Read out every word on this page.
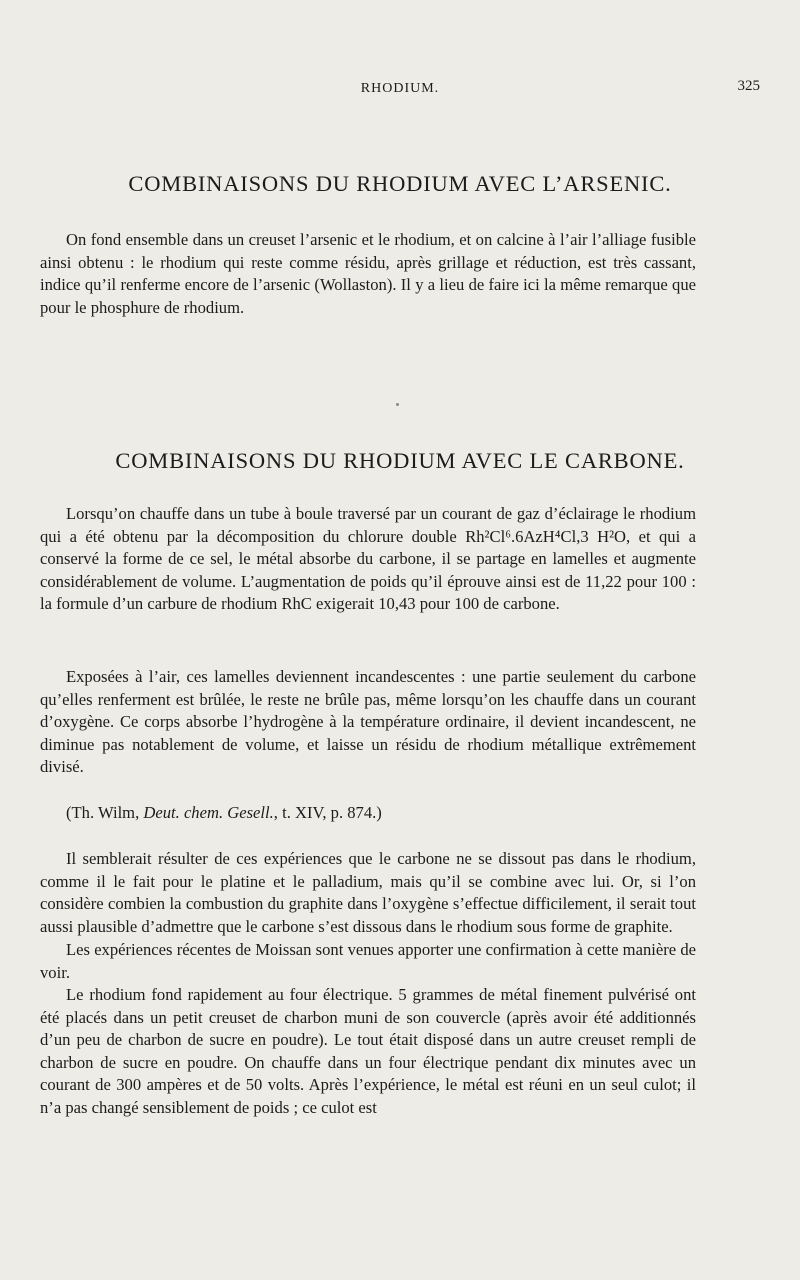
RHODIUM.	325
COMBINAISONS DU RHODIUM AVEC L’ARSENIC.

On fond ensemble dans un creuset l’arsenic et le rhodium, et on calcine à l’air l’alliage fusible ainsi obtenu : le rhodium qui reste comme résidu, après grillage et réduction, est très cassant, indice qu’il renferme encore de l’arsenic (Wollaston). Il y a lieu de faire ici la même remarque que pour le phosphure de rhodium.

COMBINAISONS DU RHODIUM AVEC LE CARBONE.

Lorsqu’on chauffe dans un tube à boule traversé par un courant de gaz d’éclairage le rhodium qui a été obtenu par la décomposition du chlorure double Rh²Cl⁶.6AzH⁴Cl,3 H²O, et qui a conservé la forme de ce sel, le métal absorbe du carbone, il se partage en lamelles et augmente considérablement de volume. L’augmentation de poids qu’il éprouve ainsi est de 11,22 pour 100 : la formule d’un carbure de rhodium RhC exigerait 10,43 pour 100 de carbone.

Exposées à l’air, ces lamelles deviennent incandescentes : une partie seulement du carbone qu’elles renferment est brûlée, le reste ne brûle pas, même lorsqu’on les chauffe dans un courant d’oxygène. Ce corps absorbe l’hydrogène à la température ordinaire, il devient incandescent, ne diminue pas notablement de volume, et laisse un résidu de rhodium métallique extrêmement divisé.

(Th. Wilm, Deut. chem. Gesell., t. XIV, p. 874.)

Il semblerait résulter de ces expériences que le carbone ne se dissout pas dans le rhodium, comme il le fait pour le platine et le palladium, mais qu’il se combine avec lui. Or, si l’on considère combien la combustion du graphite dans l’oxygène s’effectue difficilement, il serait tout aussi plausible d’admettre que le carbone s’est dissous dans le rhodium sous forme de graphite.

Les expériences récentes de Moissan sont venues apporter une confirmation à cette manière de voir.

Le rhodium fond rapidement au four électrique. 5 grammes de métal finement pulvérisé ont été placés dans un petit creuset de charbon muni de son couvercle (après avoir été additionnés d’un peu de charbon de sucre en poudre). Le tout était disposé dans un autre creuset rempli de charbon de sucre en poudre. On chauffe dans un four électrique pendant dix minutes avec un courant de 300 ampères et de 50 volts. Après l’expérience, le métal est réuni en un seul culot; il n’a pas changé sensiblement de poids ; ce culot est
